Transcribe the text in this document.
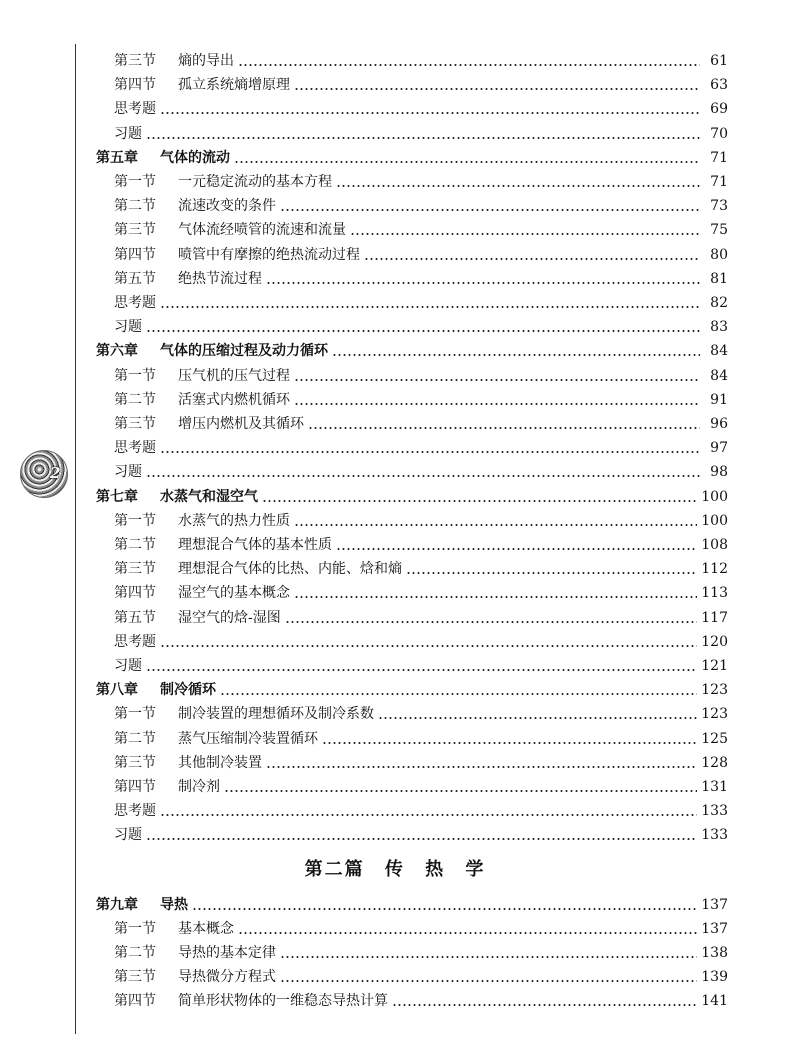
2
第三节 熵的导出	61
第四节 孤立系统熵增原理	63
思考题	69
习题	70
第五章 气体的流动	71
第一节 一元稳定流动的基本方程	71
第二节 流速改变的条件	73
第三节 气体流经喷管的流速和流量	75
第四节 喷管中有摩擦的绝热流动过程	80
第五节 绝热节流过程	81
思考题	82
习题	83
第六章 气体的压缩过程及动力循环	84
第一节 压气机的压气过程	84
第二节 活塞式内燃机循环	91
第三节 增压内燃机及其循环	96
思考题	97
习题	98
第七章 水蒸气和湿空气	100
第一节 水蒸气的热力性质	100
第二节 理想混合气体的基本性质	108
第三节 理想混合气体的比热、内能、焓和熵	112
第四节 湿空气的基本概念	113
第五节 湿空气的焓-湿图	117
思考题	120
习题	121
第八章 制冷循环	123
第一节 制冷装置的理想循环及制冷系数	123
第二节 蒸气压缩制冷装置循环	125
第三节 其他制冷装置	128
第四节 制冷剂	131
思考题	133
习题	133
第九章 导热	137
第一节 基本概念	137
第二节 导热的基本定律	138
第三节 导热微分方程式	139
第四节 简单形状物体的一维稳态导热计算	141
第二篇 传 热 学
